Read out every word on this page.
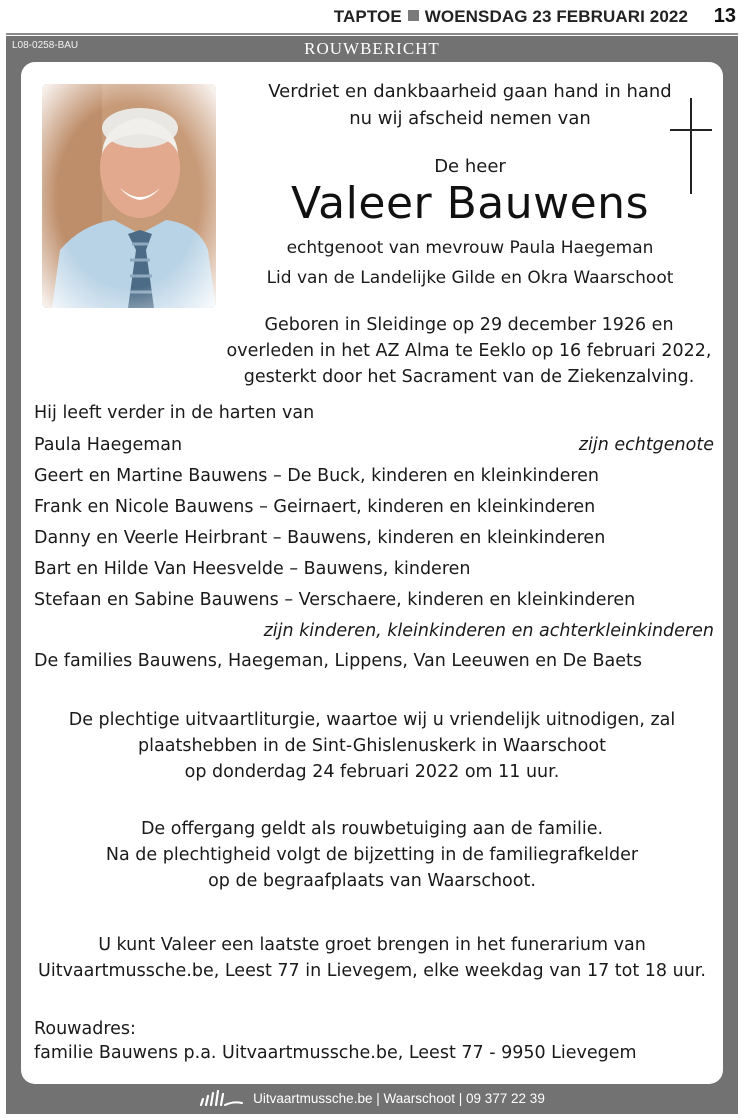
TAPTOE WOENSDAG 23 FEBRUARI 2022 13
L08-0258-BAU	ROUWBERICHT
Verdriet en dankbaarheid gaan hand in hand
nu wij afscheid nemen van
De heer
Valeer Bauwens
echtgenoot van mevrouw Paula Haegeman
Lid van de Landelijke Gilde en Okra Waarschoot
Geboren in Sleidinge op 29 december 1926 en
overleden in het AZ Alma te Eeklo op 16 februari 2022,
gesterkt door het Sacrament van de Ziekenzalving.
Hij leeft verder in de harten van
Paula Haegeman	zijn echtgenote
Geert en Martine Bauwens – De Buck, kinderen en kleinkinderen
Frank en Nicole Bauwens – Geirnaert, kinderen en kleinkinderen
Danny en Veerle Heirbrant – Bauwens, kinderen en kleinkinderen
Bart en Hilde Van Heesvelde – Bauwens, kinderen
Stefaan en Sabine Bauwens – Verschaere, kinderen en kleinkinderen
zijn kinderen, kleinkinderen en achterkleinkinderen
De families Bauwens, Haegeman, Lippens, Van Leeuwen en De Baets
De plechtige uitvaartliturgie, waartoe wij u vriendelijk uitnodigen, zal
plaatshebben in de Sint-Ghislenuskerk in Waarschoot
op donderdag 24 februari 2022 om 11 uur.
De offergang geldt als rouwbetuiging aan de familie.
Na de plechtigheid volgt de bijzetting in de familiegrafkelder
op de begraafplaats van Waarschoot.
U kunt Valeer een laatste groet brengen in het funerarium van
Uitvaartmussche.be, Leest 77 in Lievegem, elke weekdag van 17 tot 18 uur.
Rouwadres:
familie Bauwens p.a. Uitvaartmussche.be, Leest 77 - 9950 Lievegem
Uitvaartmussche.be | Waarschoot | 09 377 22 39
